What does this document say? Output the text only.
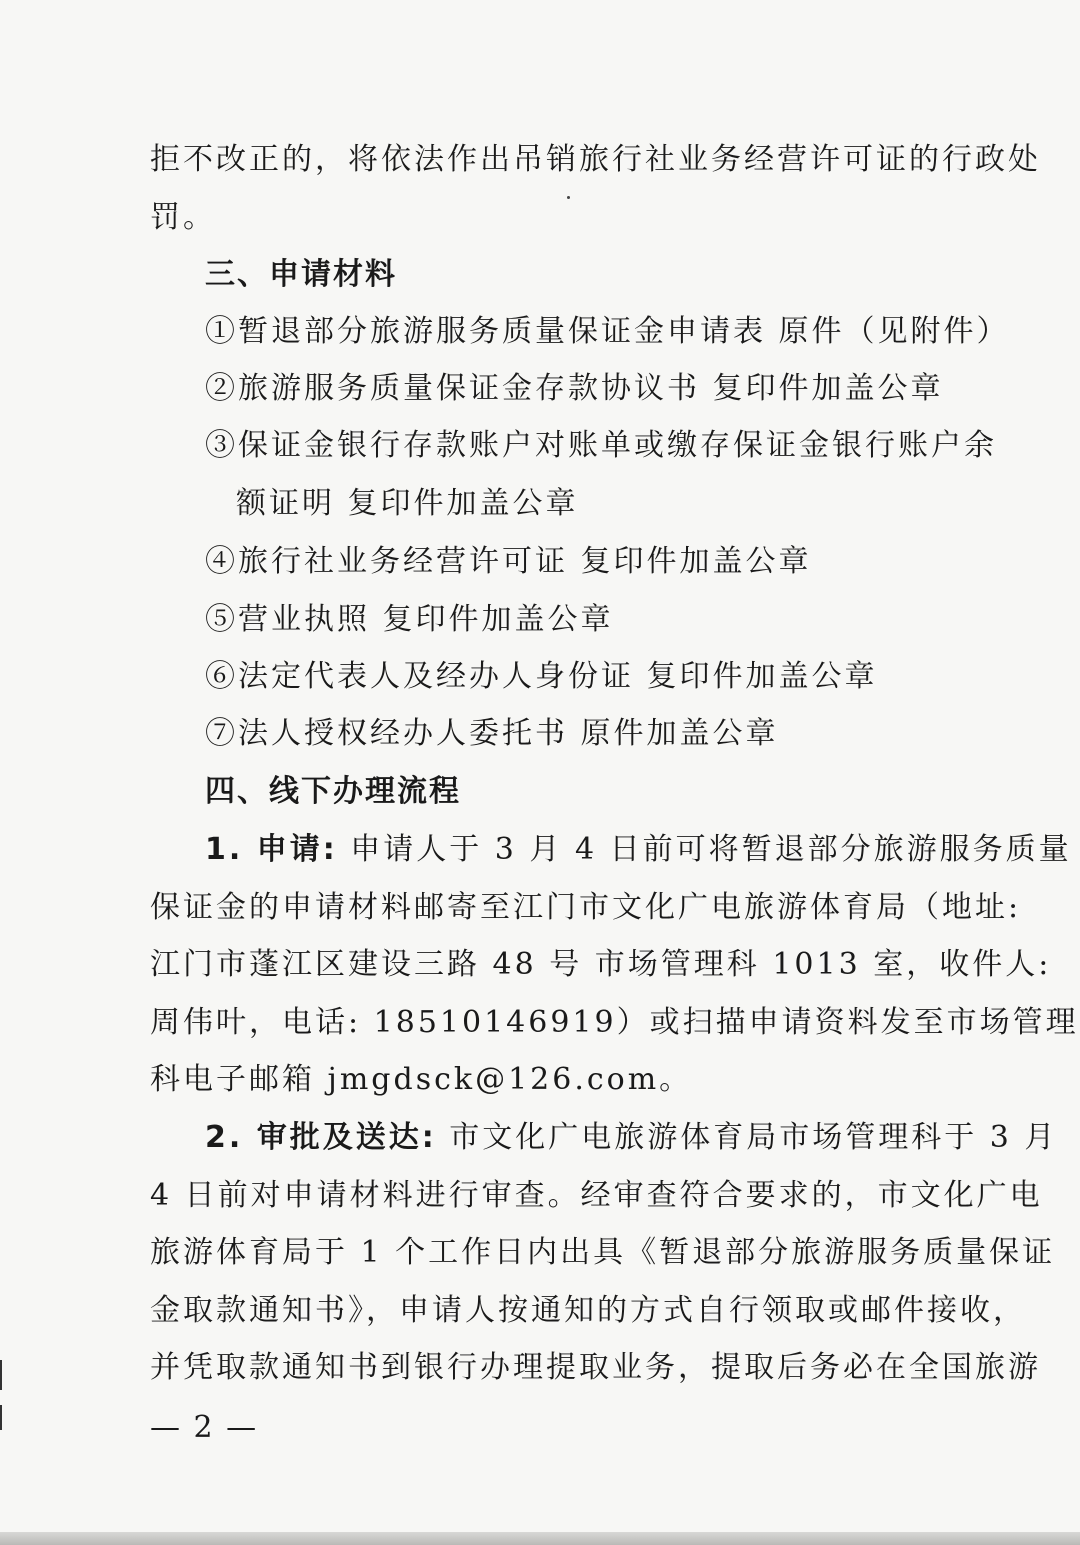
拒不改正的，将依法作出吊销旅行社业务经营许可证的行政处
罚。
三、申请材料
①暂退部分旅游服务质量保证金申请表 原件（见附件）
②旅游服务质量保证金存款协议书 复印件加盖公章
③保证金银行存款账户对账单或缴存保证金银行账户余
额证明 复印件加盖公章
④旅行社业务经营许可证 复印件加盖公章
⑤营业执照 复印件加盖公章
⑥法定代表人及经办人身份证 复印件加盖公章
⑦法人授权经办人委托书 原件加盖公章
四、线下办理流程
1. 申请: 申请人于 3 月 4 日前可将暂退部分旅游服务质量
保证金的申请材料邮寄至江门市文化广电旅游体育局（地址:
江门市蓬江区建设三路 48 号 市场管理科 1013 室，收件人:
周伟叶，电话: 18510146919）或扫描申请资料发至市场管理
科电子邮箱 jmgdsck@126.com。
2. 审批及送达: 市文化广电旅游体育局市场管理科于 3 月
4 日前对申请材料进行审查。经审查符合要求的，市文化广电
旅游体育局于 1 个工作日内出具《暂退部分旅游服务质量保证
金取款通知书》，申请人按通知的方式自行领取或邮件接收，
并凭取款通知书到银行办理提取业务，提取后务必在全国旅游
— 2 —
